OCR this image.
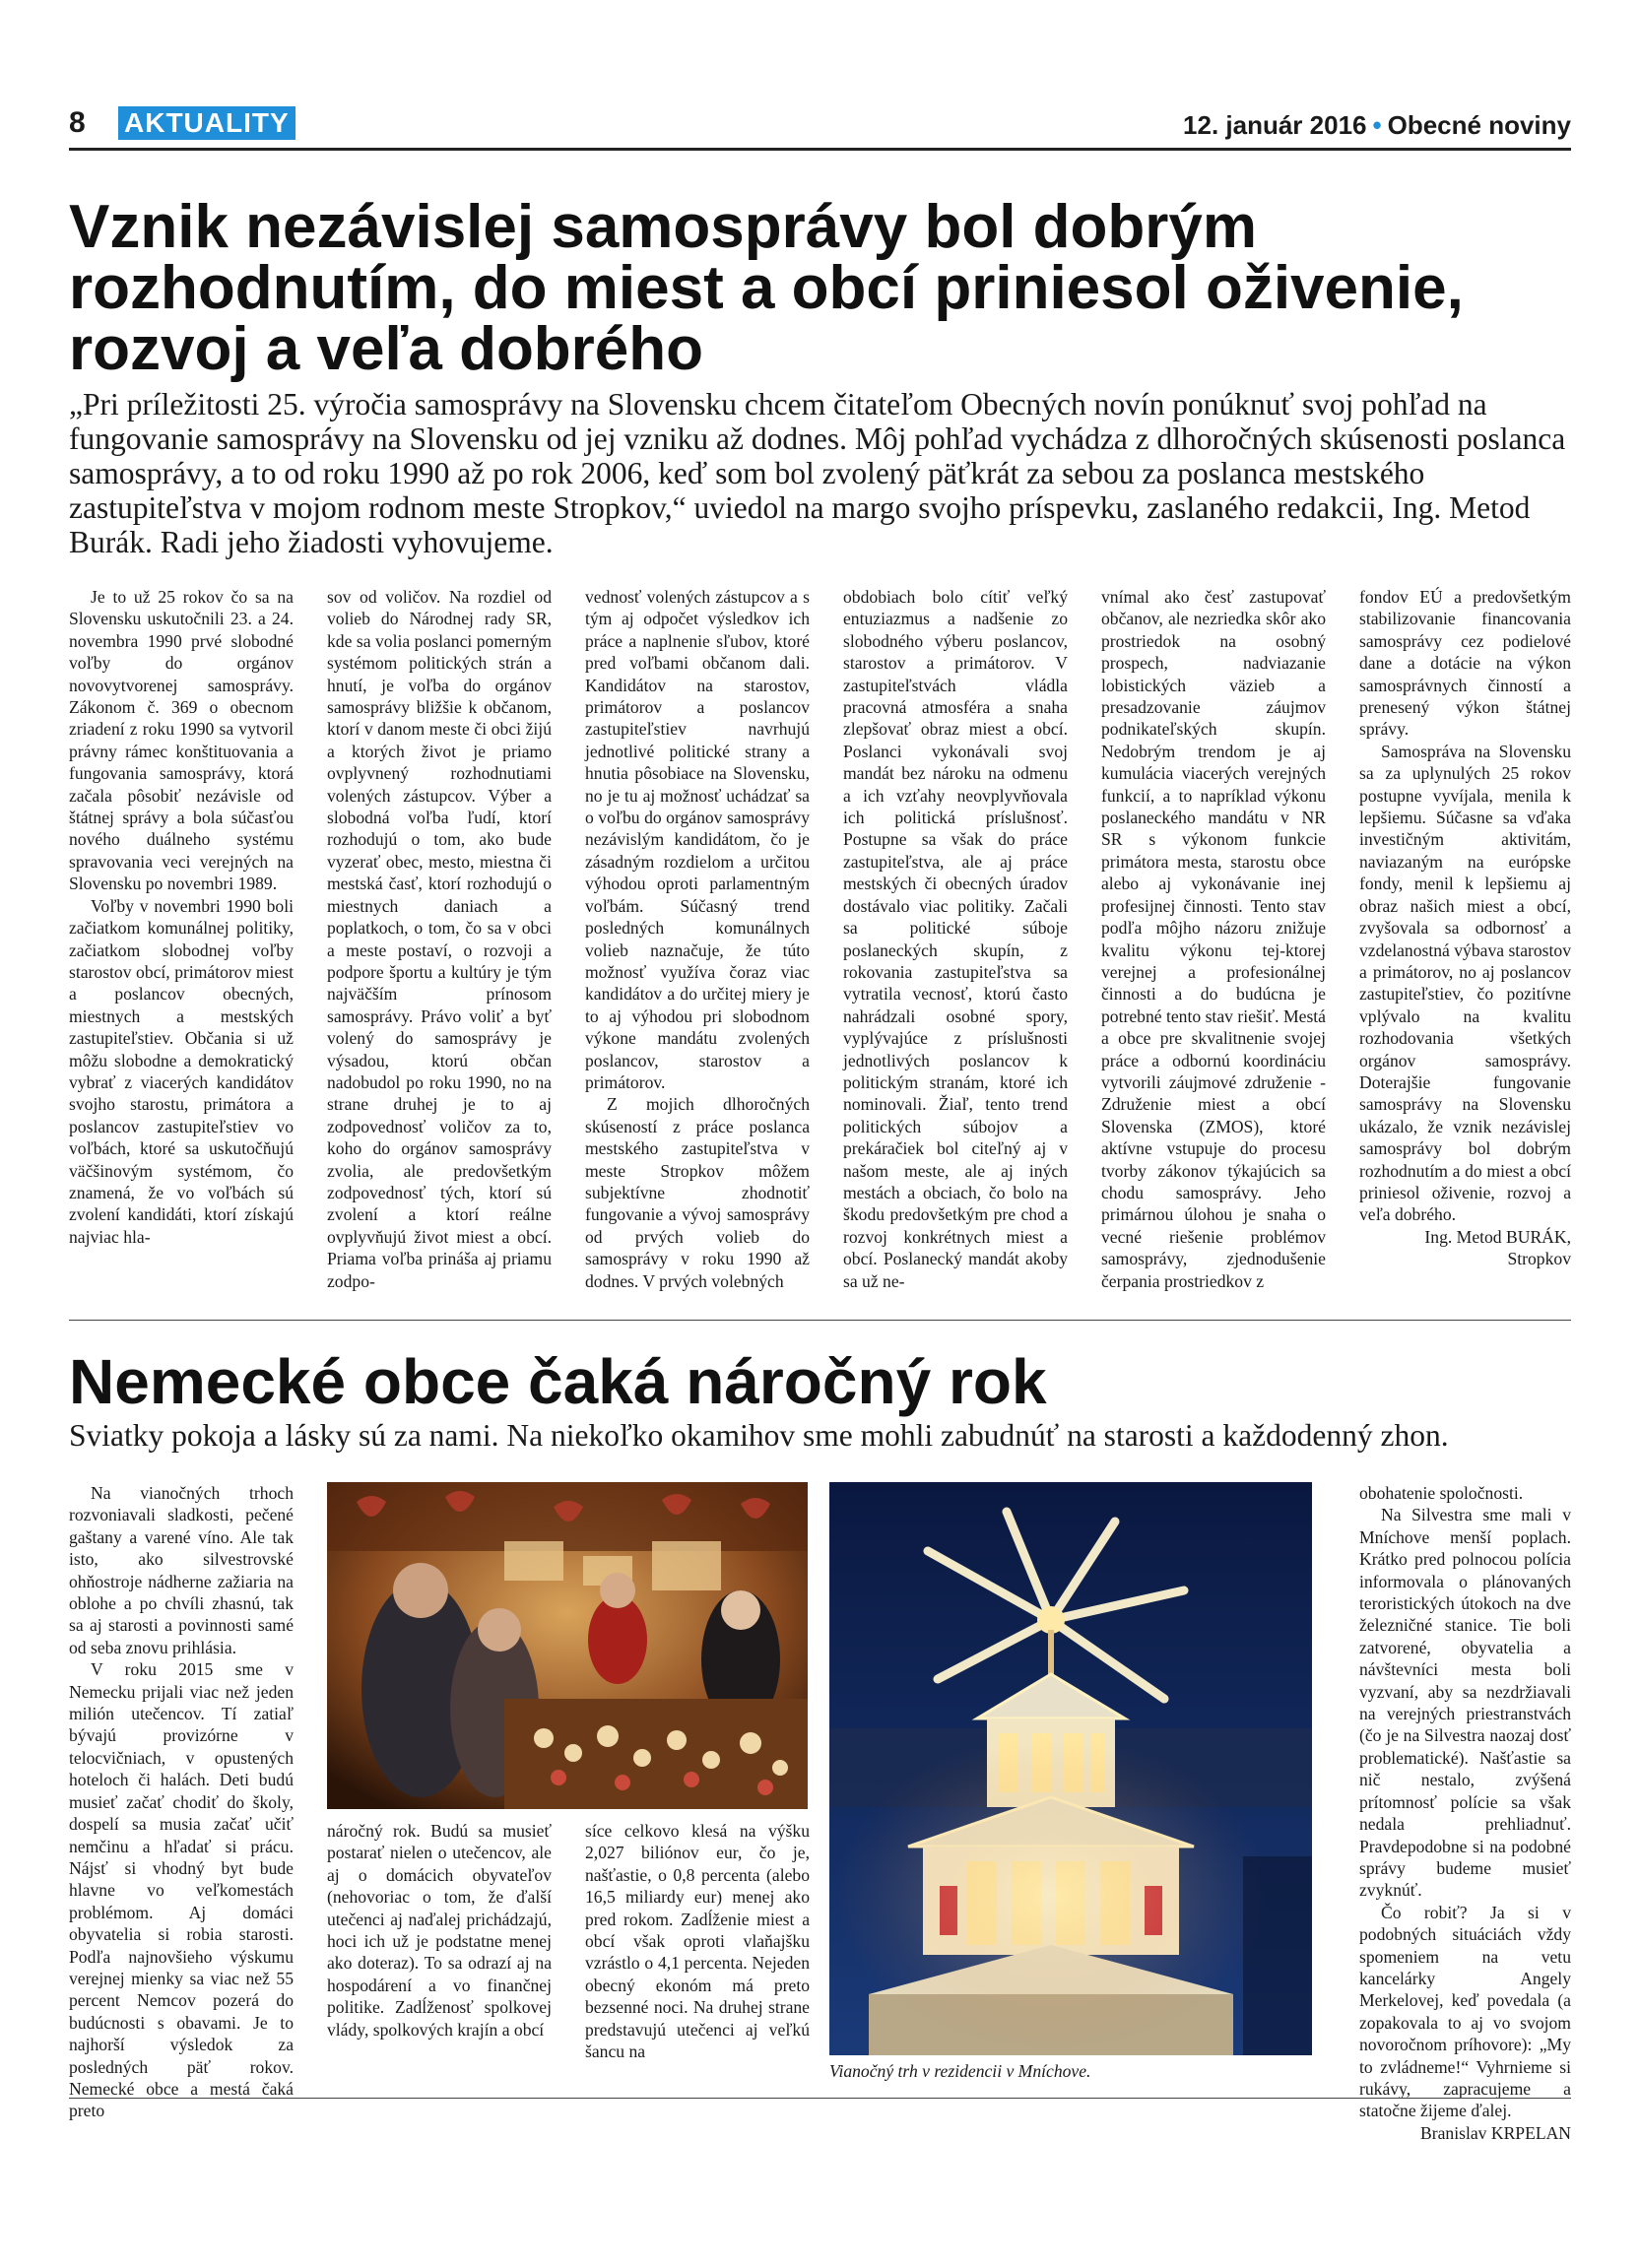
8 AKTUALITY	12. január 2016 • Obecné noviny
Vznik nezávislej samosprávy bol dobrým rozhodnutím, do miest a obcí priniesol oživenie, rozvoj a veľa dobrého
„Pri príležitosti 25. výročia samosprávy na Slovensku chcem čitateľom Obecných novín ponúknuť svoj pohľad na fungovanie samosprávy na Slovensku od jej vzniku až dodnes. Môj pohľad vychádza z dlhoročných skúsenosti poslanca samosprávy, a to od roku 1990 až po rok 2006, keď som bol zvolený päťkrát za sebou za poslanca mestského zastupiteľstva v mojom rodnom meste Stropkov,“ uviedol na margo svojho príspevku, zaslaného redakcii, Ing. Metod Burák. Radi jeho žiadosti vyhovujeme.

Je to už 25 rokov čo sa na Slovensku uskutočnili 23. a 24. novembra 1990 prvé slobodné voľby do orgánov novovytvorenej samosprávy. Zákonom č. 369 o obecnom zriadení z roku 1990 sa vytvoril právny rámec konštituovania a fungovania samosprávy, ktorá začala pôsobiť nezávisle od štátnej správy a bola súčasťou nového duálneho systému spravovania veci verejných na Slovensku po novembri 1989.

Voľby v novembri 1990 boli začiatkom komunálnej politiky, začiatkom slobodnej voľby starostov obcí, primátorov miest a poslancov obecných, miestnych a mestských zastupiteľstiev. Občania si už môžu slobodne a demokratický vybrať z viacerých kandidátov svojho starostu, primátora a poslancov zastupiteľstiev vo voľbách, ktoré sa uskutočňujú väčšinovým systémom, čo znamená, že vo voľbách sú zvolení kandidáti, ktorí získajú najviac hla-

sov od voličov. Na rozdiel od volieb do Národnej rady SR, kde sa volia poslanci pomerným systémom politických strán a hnutí, je voľba do orgánov samosprávy bližšie k občanom, ktorí v danom meste či obci žijú a ktorých život je priamo ovplyvnený rozhodnutiami volených zástupcov. Výber a slobodná voľba ľudí, ktorí rozhodujú o tom, ako bude vyzerať obec, mesto, miestna či mestská časť, ktorí rozhodujú o miestnych daniach a poplatkoch, o tom, čo sa v obci a meste postaví, o rozvoji a podpore športu a kultúry je tým najväčším prínosom samosprávy. Právo voliť a byť volený do samosprávy je výsadou, ktorú občan nadobudol po roku 1990, no na strane druhej je to aj zodpovednosť voličov za to, koho do orgánov samosprávy zvolia, ale predovšetkým zodpovednosť tých, ktorí sú zvolení a ktorí reálne ovplyvňujú život miest a obcí. Priama voľba prináša aj priamu zodpo-

vednosť volených zástupcov a s tým aj odpočet výsledkov ich práce a naplnenie sľubov, ktoré pred voľbami občanom dali. Kandidátov na starostov, primátorov a poslancov zastupiteľstiev navrhujú jednotlivé politické strany a hnutia pôsobiace na Slovensku, no je tu aj možnosť uchádzať sa o voľbu do orgánov samosprávy nezávislým kandidátom, čo je zásadným rozdielom a určitou výhodou oproti parlamentným voľbám. Súčasný trend posledných komunálnych volieb naznačuje, že túto možnosť využíva čoraz viac kandidátov a do určitej miery je to aj výhodou pri slobodnom výkone mandátu zvolených poslancov, starostov a primátorov.

Z mojich dlhoročných skúseností z práce poslanca mestského zastupiteľstva v meste Stropkov môžem subjektívne zhodnotiť fungovanie a vývoj samosprávy od prvých volieb do samosprávy v roku 1990 až dodnes. V prvých volebných

obdobiach bolo cítiť veľký entuziazmus a nadšenie zo slobodného výberu poslancov, starostov a primátorov. V zastupiteľstvách vládla pracovná atmosféra a snaha zlepšovať obraz miest a obcí. Poslanci vykonávali svoj mandát bez nároku na odmenu a ich vzťahy neovplyvňovala ich politická príslušnosť. Postupne sa však do práce zastupiteľstva, ale aj práce mestských či obecných úradov dostávalo viac politiky. Začali sa politické súboje poslaneckých skupín, z rokovania zastupiteľstva sa vytratila vecnosť, ktorú často nahrádzali osobné spory, vyplývajúce z príslušnosti jednotlivých poslancov k politickým stranám, ktoré ich nominovali. Žiaľ, tento trend politických súbojov a prekáračiek bol citeľný aj v našom meste, ale aj iných mestách a obciach, čo bolo na škodu predovšetkým pre chod a rozvoj konkrétnych miest a obcí. Poslanecký mandát akoby sa už ne-

vnímal ako česť zastupovať občanov, ale nezriedka skôr ako prostriedok na osobný prospech, nadviazanie lobistických väzieb a presadzovanie záujmov podnikateľských skupín. Nedobrým trendom je aj kumulácia viacerých verejných funkcií, a to napríklad výkonu poslaneckého mandátu v NR SR s výkonom funkcie primátora mesta, starostu obce alebo aj vykonávanie inej profesijnej činnosti. Tento stav podľa môjho názoru znižuje kvalitu výkonu tej-ktorej verejnej a profesionálnej činnosti a do budúcna je potrebné tento stav riešiť. Mestá a obce pre skvalitnenie svojej práce a odbornú koordináciu vytvorili záujmové združenie - Združenie miest a obcí Slovenska (ZMOS), ktoré aktívne vstupuje do procesu tvorby zákonov týkajúcich sa chodu samosprávy. Jeho primárnou úlohou je snaha o vecné riešenie problémov samosprávy, zjednodušenie čerpania prostriedkov z

fondov EÚ a predovšetkým stabilizovanie financovania samosprávy cez podielové dane a dotácie na výkon samosprávnych činností a prenesený výkon štátnej správy.

Samospráva na Slovensku sa za uplynulých 25 rokov postupne vyvíjala, menila k lepšiemu. Súčasne sa vďaka investičným aktivitám, naviazaným na európske fondy, menil k lepšiemu aj obraz našich miest a obcí, zvyšovala sa odbornosť a vzdelanostná výbava starostov a primátorov, no aj poslancov zastupiteľstiev, čo pozitívne vplývalo na kvalitu rozhodovania všetkých orgánov samosprávy. Doterajšie fungovanie samosprávy na Slovensku ukázalo, že vznik nezávislej samosprávy bol dobrým rozhodnutím a do miest a obcí priniesol oživenie, rozvoj a veľa dobrého.

Ing. Metod BURÁK,
Stropkov

Nemecké obce čaká náročný rok
Sviatky pokoja a lásky sú za nami. Na niekoľko okamihov sme mohli zabudnúť na starosti a každodenný zhon.

Na vianočných trhoch rozvoniavali sladkosti, pečené gaštany a varené víno. Ale tak isto, ako silvestrovské ohňostroje nádherne zažiaria na oblohe a po chvíli zhasnú, tak sa aj starosti a povinnosti samé od seba znovu prihlásia.

V roku 2015 sme v Nemecku prijali viac než jeden milión utečencov. Tí zatiaľ bývajú provizórne v telocvičniach, v opustených hoteloch či halách. Deti budú musieť začať chodiť do školy, dospelí sa musia začať učiť nemčinu a hľadať si prácu. Nájsť si vhodný byt bude hlavne vo veľkomestách problémom. Aj domáci obyvatelia si robia starosti. Podľa najnovšieho výskumu verejnej mienky sa viac než 55 percent Nemcov pozerá do budúcnosti s obavami. Je to najhorší výsledok za posledných päť rokov. Nemecké obce a mestá čaká preto

náročný rok. Budú sa musieť postarať nielen o utečencov, ale aj o domácich obyvateľov (nehovoriac o tom, že ďalší utečenci aj naďalej prichádzajú, hoci ich už je podstatne menej ako doteraz). To sa odrazí aj na hospodárení a vo finančnej politike. Zadĺženosť spolkovej vlády, spolkových krajín a obcí

síce celkovo klesá na výšku 2,027 biliónov eur, čo je, našťastie, o 0,8 percenta (alebo 16,5 miliardy eur) menej ako pred rokom. Zadĺženie miest a obcí však oproti vlaňajšku vzrástlo o 4,1 percenta. Nejeden obecný ekonóm má preto bezsenné noci. Na druhej strane predstavujú utečenci aj veľkú šancu na

obohatenie spoločnosti.

Na Silvestra sme mali v Mníchove menší poplach. Krátko pred polnocou polícia informovala o plánovaných teroristických útokoch na dve železničné stanice. Tie boli zatvorené, obyvatelia a návštevníci mesta boli vyzvaní, aby sa nezdržiavali na verejných priestranstvách (čo je na Silvestra naozaj dosť problematické). Našťastie sa nič nestalo, zvýšená prítomnosť polície sa však nedala prehliadnuť. Pravdepodobne si na podobné správy budeme musieť zvyknúť.

Čo robiť? Ja si v podobných situáciách vždy spomeniem na vetu kancelárky Angely Merkelovej, keď povedala (a zopakovala to aj vo svojom novoročnom príhovore): „My to zvládneme!“ Vyhrnieme si rukávy, zapracujeme a statočne žijeme ďalej.

Branislav KRPELAN

Vianočný trh v rezidencii v Mníchove.
